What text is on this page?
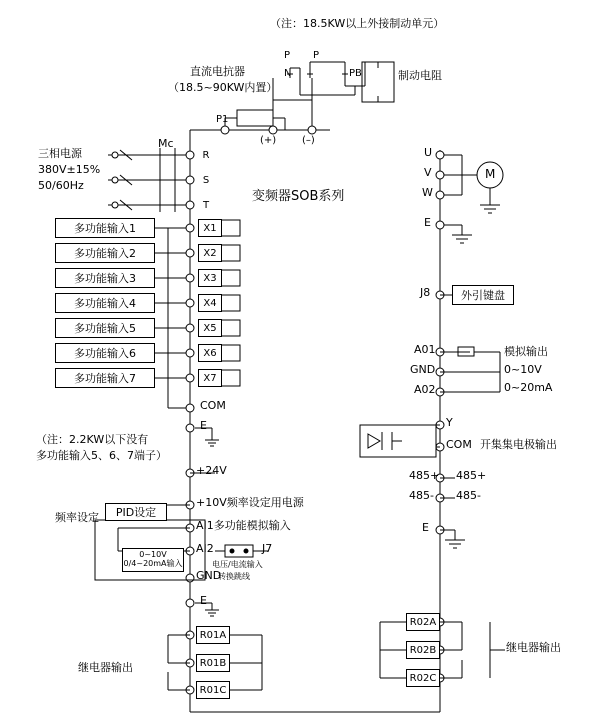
（注：18.5KW以上外接制动单元）
直流电抗器
（18.5~90KW内置）
制动电阻
P P
N	PB
P1
(+)	(–)
三相电源
380V±15%
50/60Hz
Mc
R
S
T
变频器SOB系列
多功能输入1
多功能输入2
多功能输入3
多功能输入4
多功能输入5
多功能输入6
多功能输入7
X1
X2
X3
X4
X5
X6
X7
COM
E
+24V
（注：2.2KW以下没有
多功能输入5、6、7端子）
频率设定	PID设定
0~10V
0/4~20mA输入	电压/电流输入
转换跳线
+10V频率设定用电源
AI1多功能模拟输入
AI2	J7
GND
E
R01A
R01B
R01C
继电器输出
U
V
W
E
M
J8	外引键盘
A01
GND
A02
模拟输出
0~10V
0~20mA
Y
COM 开集集电极输出
485+ 485+
485- 485-
E
R02A
R02B
R02C
继电器输出
